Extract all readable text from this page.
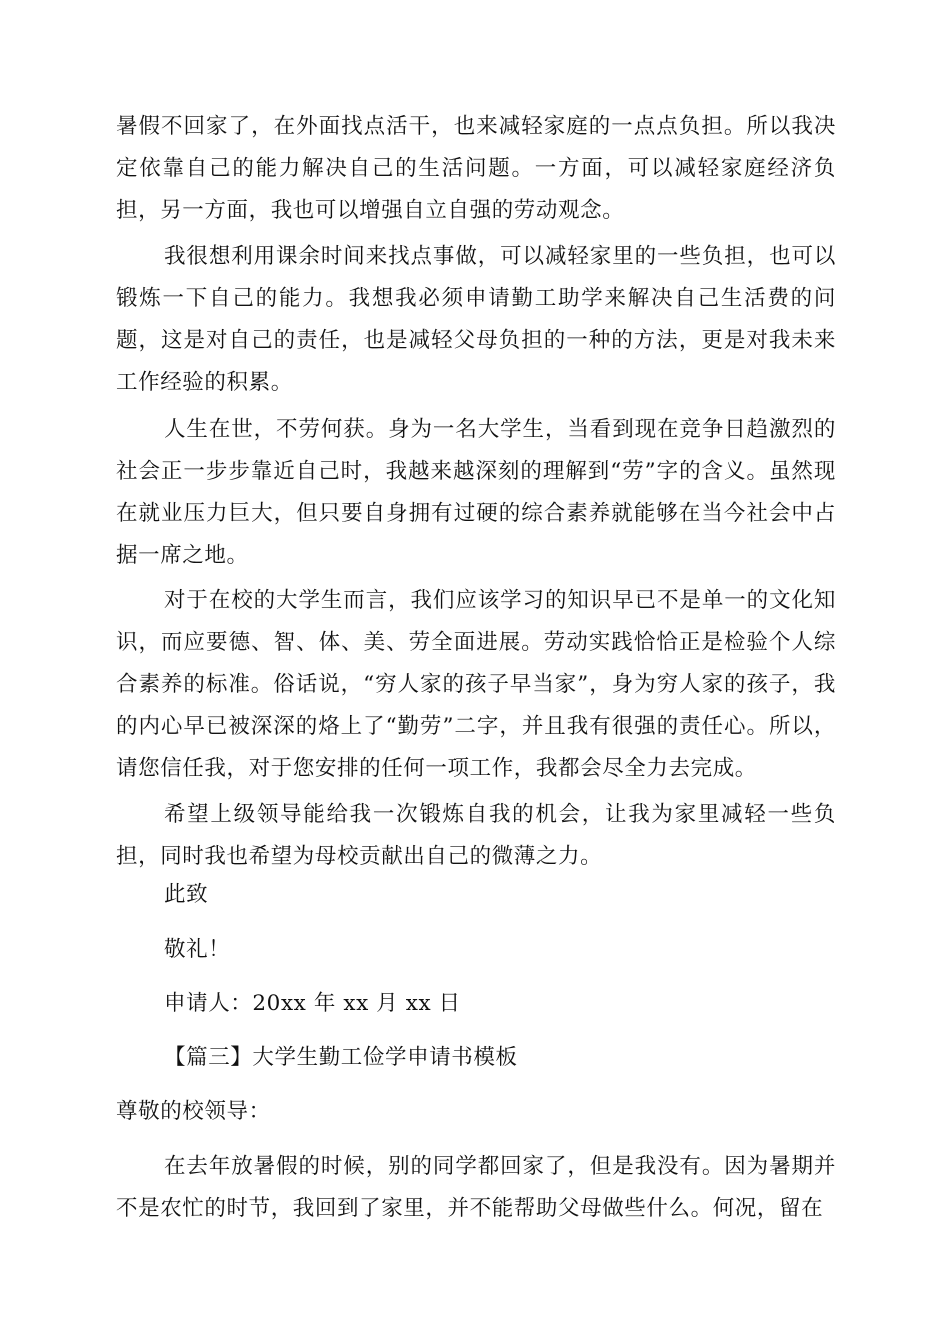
暑假不回家了，在外面找点活干，也来减轻家庭的一点点负担。所以我决定依靠自己的能力解决自己的生活问题。一方面，可以减轻家庭经济负担，另一方面，我也可以增强自立自强的劳动观念。

我很想利用课余时间来找点事做，可以减轻家里的一些负担，也可以锻炼一下自己的能力。我想我必须申请勤工助学来解决自己生活费的问题，这是对自己的责任，也是减轻父母负担的一种的方法，更是对我未来工作经验的积累。

人生在世，不劳何获。身为一名大学生，当看到现在竞争日趋激烈的社会正一步步靠近自己时，我越来越深刻的理解到“劳”字的含义。虽然现在就业压力巨大，但只要自身拥有过硬的综合素养就能够在当今社会中占据一席之地。

对于在校的大学生而言，我们应该学习的知识早已不是单一的文化知识，而应要德、智、体、美、劳全面进展。劳动实践恰恰正是检验个人综合素养的标准。俗话说，“穷人家的孩子早当家”，身为穷人家的孩子，我的内心早已被深深的烙上了“勤劳”二字，并且我有很强的责任心。所以，请您信任我，对于您安排的任何一项工作，我都会尽全力去完成。

希望上级领导能给我一次锻炼自我的机会，让我为家里减轻一些负担，同时我也希望为母校贡献出自己的微薄之力。

此致

敬礼！

申请人：20xx 年 xx 月 xx 日

【篇三】大学生勤工俭学申请书模板

尊敬的校领导：

在去年放暑假的时候，别的同学都回家了，但是我没有。因为暑期并不是农忙的时节，我回到了家里，并不能帮助父母做些什么。何况，留在
